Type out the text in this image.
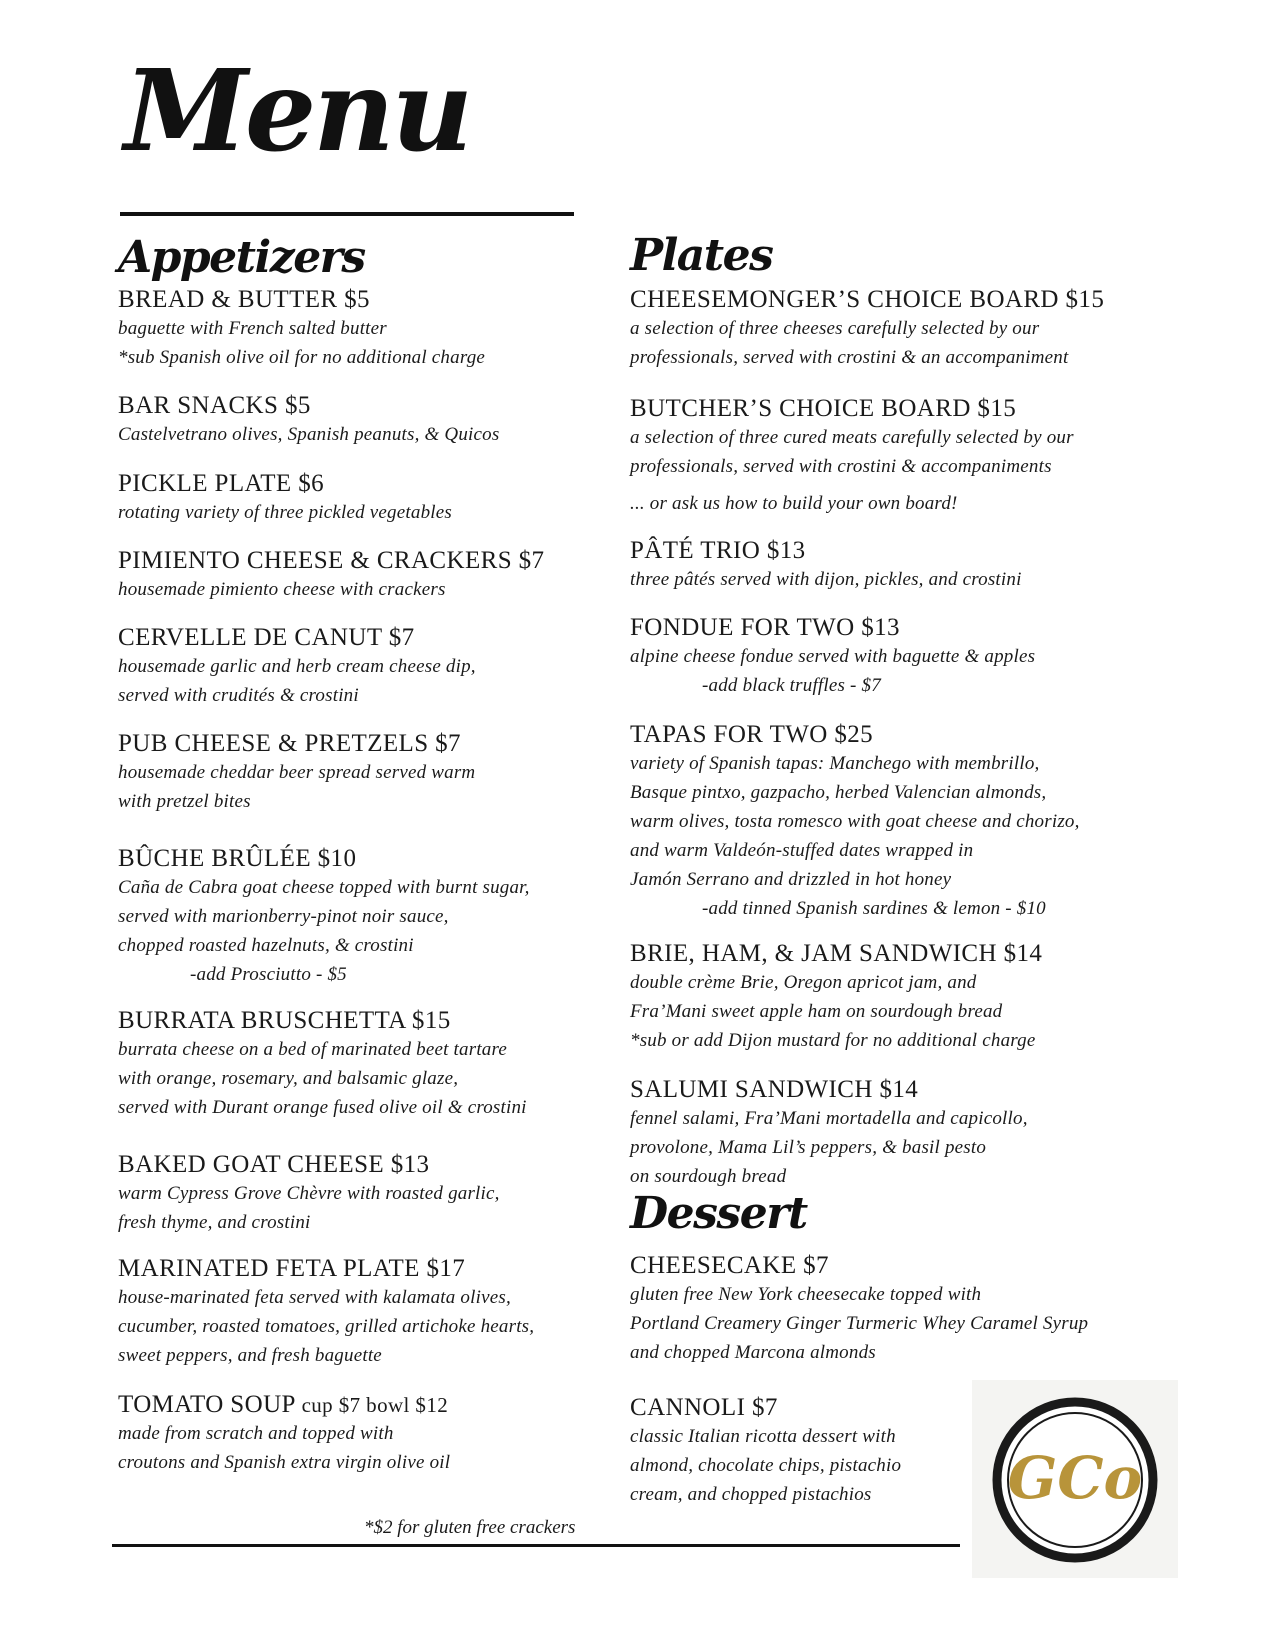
Menu
Appetizers
BREAD & BUTTER $5
baguette with French salted butter
*sub Spanish olive oil for no additional charge
BAR SNACKS $5
Castelvetrano olives, Spanish peanuts, & Quicos
PICKLE PLATE $6
rotating variety of three pickled vegetables
PIMIENTO CHEESE & CRACKERS $7
housemade pimiento cheese with crackers
CERVELLE DE CANUT $7
housemade garlic and herb cream cheese dip,
served with crudités & crostini
PUB CHEESE & PRETZELS $7
housemade cheddar beer spread served warm
with pretzel bites
BÛCHE BRÛLÉE $10
Caña de Cabra goat cheese topped with burnt sugar,
served with marionberry-pinot noir sauce,
chopped roasted hazelnuts, & crostini
-add Prosciutto - $5
BURRATA BRUSCHETTA $15
burrata cheese on a bed of marinated beet tartare
with orange, rosemary, and balsamic glaze,
served with Durant orange fused olive oil & crostini
BAKED GOAT CHEESE $13
warm Cypress Grove Chèvre with roasted garlic,
fresh thyme, and crostini
MARINATED FETA PLATE $17
house-marinated feta served with kalamata olives,
cucumber, roasted tomatoes, grilled artichoke hearts,
sweet peppers, and fresh baguette
TOMATO SOUP cup $7 bowl $12
made from scratch and topped with
croutons and Spanish extra virgin olive oil
*$2 for gluten free crackers
Plates
CHEESEMONGER’S CHOICE BOARD $15
a selection of three cheeses carefully selected by our
professionals, served with crostini & an accompaniment
BUTCHER’S CHOICE BOARD $15
a selection of three cured meats carefully selected by our
professionals, served with crostini & accompaniments
... or ask us how to build your own board!
PÂTÉ TRIO $13
three pâtés served with dijon, pickles, and crostini
FONDUE FOR TWO $13
alpine cheese fondue served with baguette & apples
-add black truffles - $7
TAPAS FOR TWO $25
variety of Spanish tapas: Manchego with membrillo,
Basque pintxo, gazpacho, herbed Valencian almonds,
warm olives, tosta romesco with goat cheese and chorizo,
and warm Valdeón-stuffed dates wrapped in
Jamón Serrano and drizzled in hot honey
-add tinned Spanish sardines & lemon - $10
BRIE, HAM, & JAM SANDWICH $14
double crème Brie, Oregon apricot jam, and
Fra’Mani sweet apple ham on sourdough bread
*sub or add Dijon mustard for no additional charge
SALUMI SANDWICH $14
fennel salami, Fra’Mani mortadella and capicollo,
provolone, Mama Lil’s peppers, & basil pesto
on sourdough bread
Dessert
CHEESECAKE $7
gluten free New York cheesecake topped with
Portland Creamery Ginger Turmeric Whey Caramel Syrup
and chopped Marcona almonds
CANNOLI $7
classic Italian ricotta dessert with
almond, chocolate chips, pistachio
cream, and chopped pistachios	GCo
